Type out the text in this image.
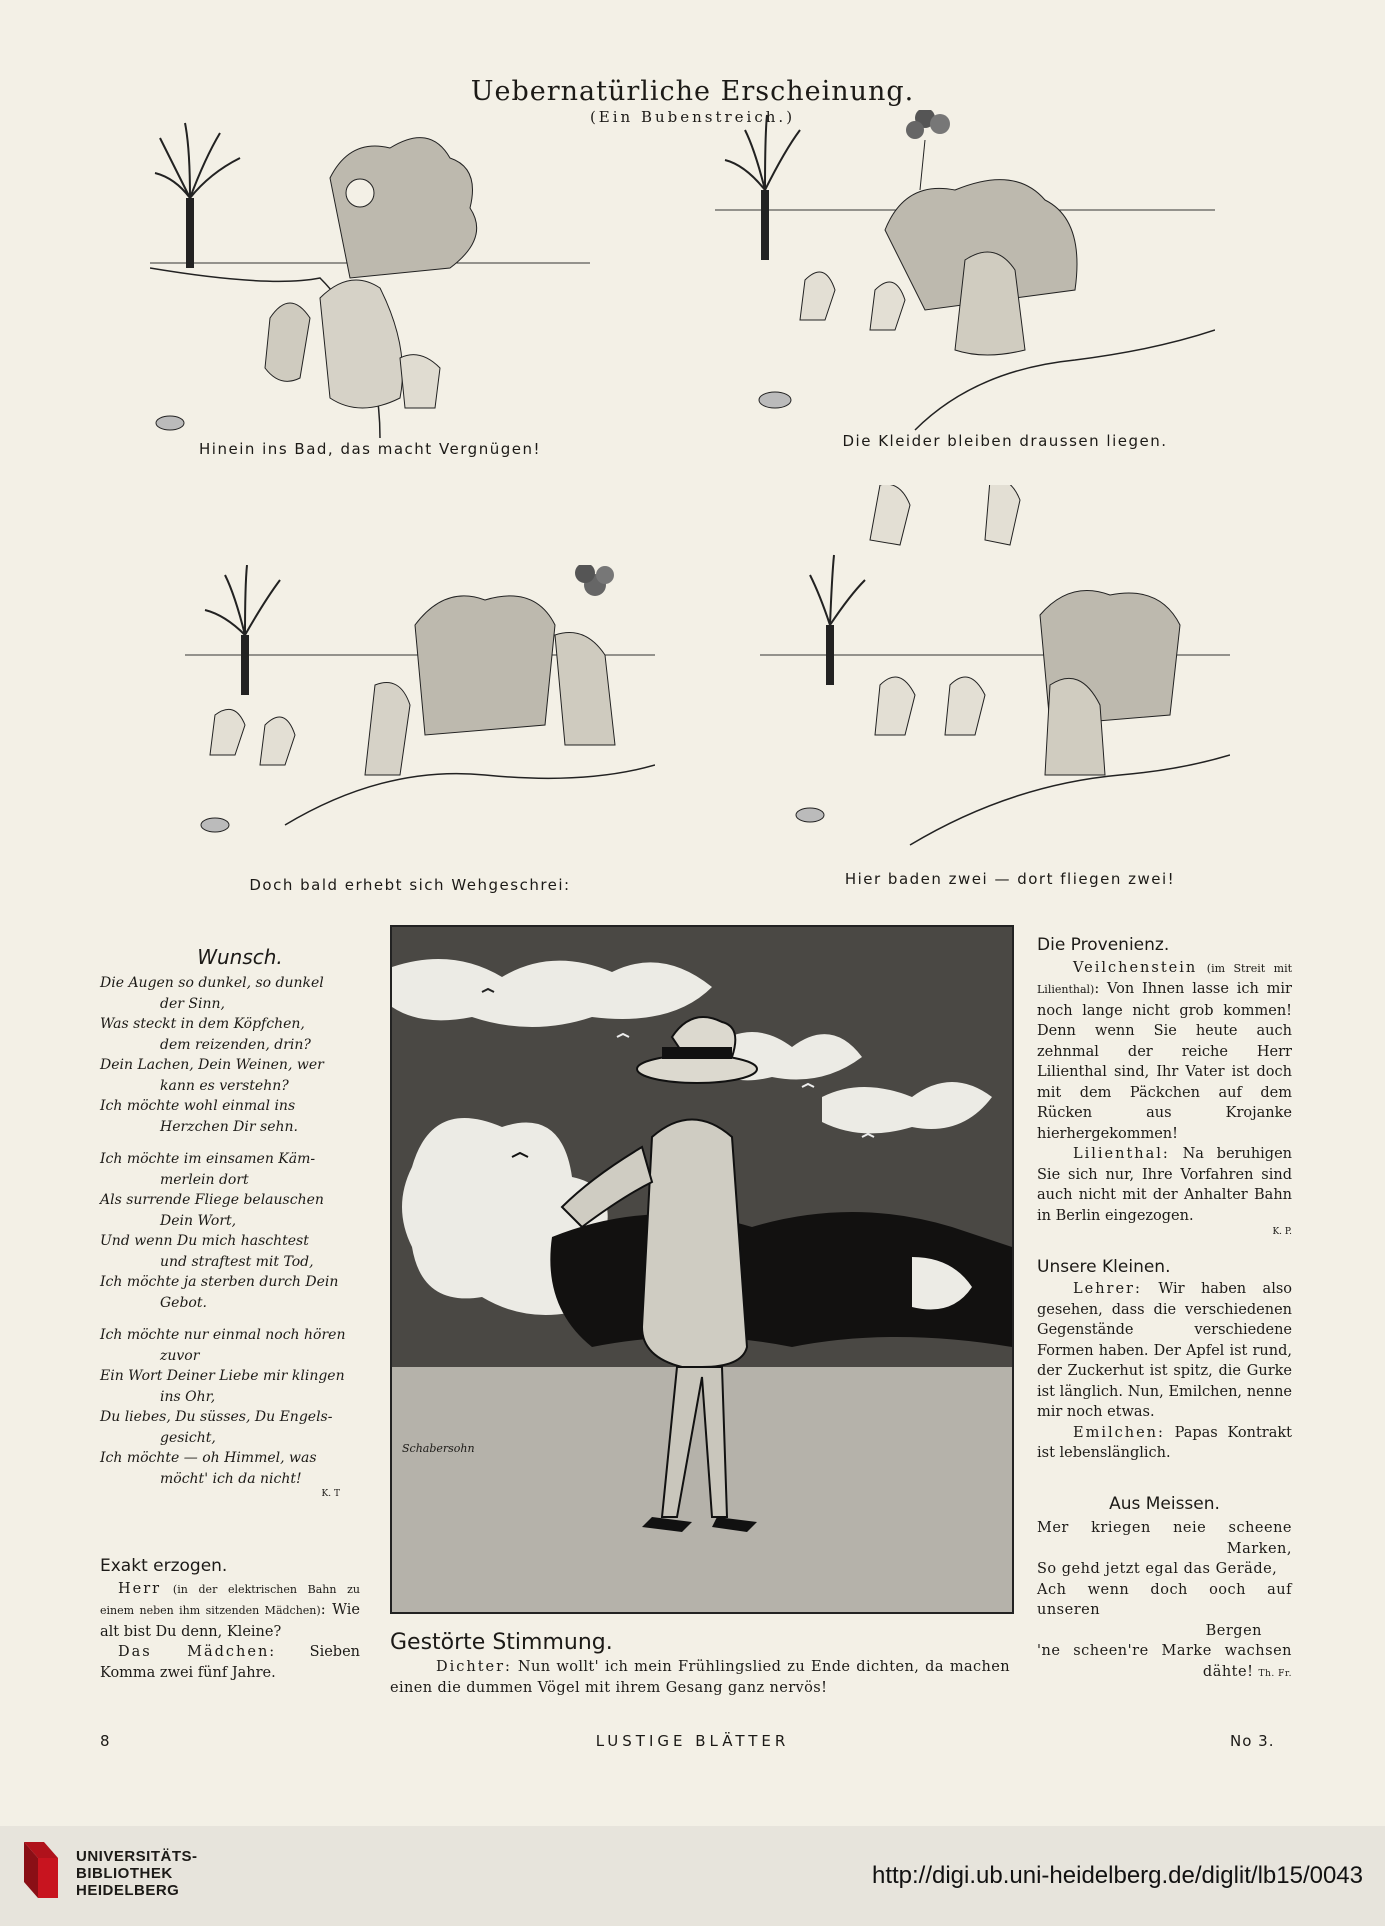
Uebernatürliche Erscheinung.
(Ein Bubenstreich.)
Hinein ins Bad, das macht Vergnügen!	Die Kleider bleiben draussen liegen.
Doch bald erhebt sich Wehgeschrei:	Hier baden zwei — dort fliegen zwei!
Wunsch.
Die Augen so dunkel, so dunkel
der Sinn,
Was steckt in dem Köpfchen,
dem reizenden, drin?
Dein Lachen, Dein Weinen, wer
kann es verstehn?
Ich möchte wohl einmal ins
Herzchen Dir sehn.
Ich möchte im einsamen Käm-
merlein dort
Als surrende Fliege belauschen
Dein Wort,
Und wenn Du mich haschtest
und straftest mit Tod,
Ich möchte ja sterben durch Dein
Gebot.
Ich möchte nur einmal noch hören
zuvor
Ein Wort Deiner Liebe mir klingen
ins Ohr,
Du liebes, Du süsses, Du Engels-
gesicht,
Ich möchte — oh Himmel, was
möcht' ich da nicht!
K. T
Exakt erzogen.
Herr (in der elektrischen Bahn zu einem neben ihm sitzenden Mädchen): Wie alt bist Du denn, Kleine?
Das Mädchen: Sieben Komma zwei fünf Jahre.
Schabersohn
Gestörte Stimmung.
Dichter: Nun wollt' ich mein Frühlingslied zu Ende dichten, da machen einen die dummen Vögel mit ihrem Gesang ganz nervös!
Die Provenienz.
Veilchenstein (im Streit mit Lilienthal): Von Ihnen lasse ich mir noch lange nicht grob kommen! Denn wenn Sie heute auch zehnmal der reiche Herr Lilienthal sind, Ihr Vater ist doch mit dem Päckchen auf dem Rücken aus Krojanke hierhergekommen!
Lilienthal: Na beruhigen Sie sich nur, Ihre Vorfahren sind auch nicht mit der Anhalter Bahn in Berlin eingezogen.
K. P.
Unsere Kleinen.
Lehrer: Wir haben also gesehen, dass die verschiedenen Gegenstände verschiedene Formen haben. Der Apfel ist rund, der Zuckerhut ist spitz, die Gurke ist länglich. Nun, Emilchen, nenne mir noch etwas.
Emilchen: Papas Kontrakt ist lebenslänglich.
Aus Meissen.
Mer kriegen neie scheene
Marken,
So gehd jetzt egal das Geräde,
Ach wenn doch ooch auf unseren
Bergen
'ne scheen're Marke wachsen
dähte! Th. Fr.
8	LUSTIGE BLÄTTER	No 3.
UNIVERSITÄTS-
BIBLIOTHEK
HEIDELBERG
http://digi.ub.uni-heidelberg.de/diglit/lb15/0043
